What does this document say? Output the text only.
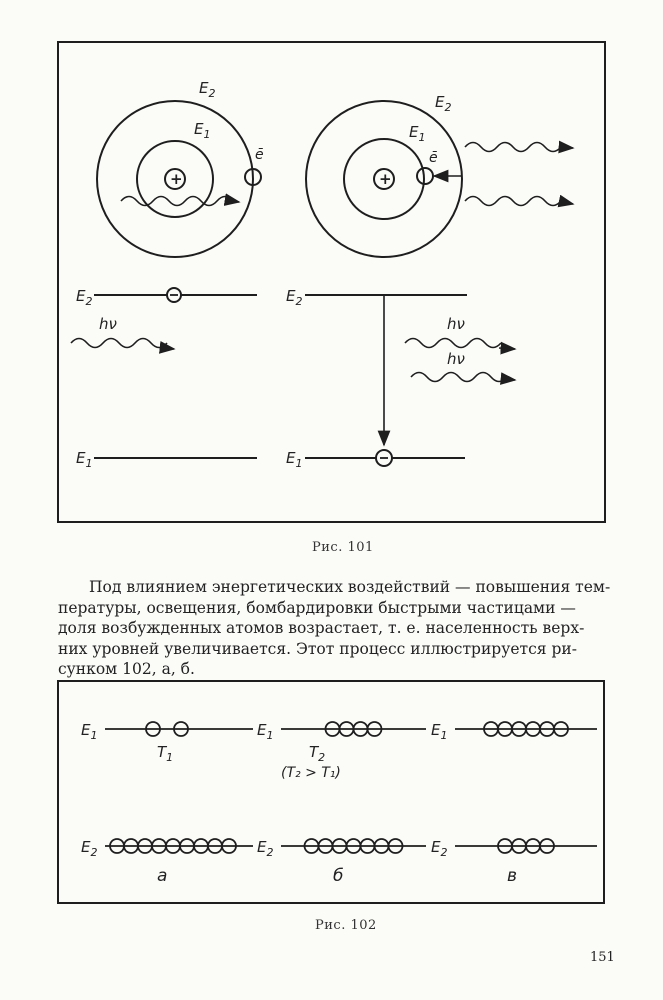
+	+
$E_2$
$E_1$
ē
$E_2$
$E_1$
ē
$E_2$
$E_1$
$E_2$
$E_1$
hν	hν
hν
Рис. 101

Под влиянием энергетических воздействий — повышения тем-

пературы, освещения, бомбардировки быстрыми частицами —

доля возбужденных атомов возрастает, т. е. населенность верх-

них уровней увеличивается. Этот процесс иллюстрируется ри-

сунком 102, а, б.

$E_1$
$E_2$
$T_1$
a
$E_1$
$E_2$
$T_2$
(T₂ > T₁)
б
$E_1$
$E_2$
в
Рис. 102
151
